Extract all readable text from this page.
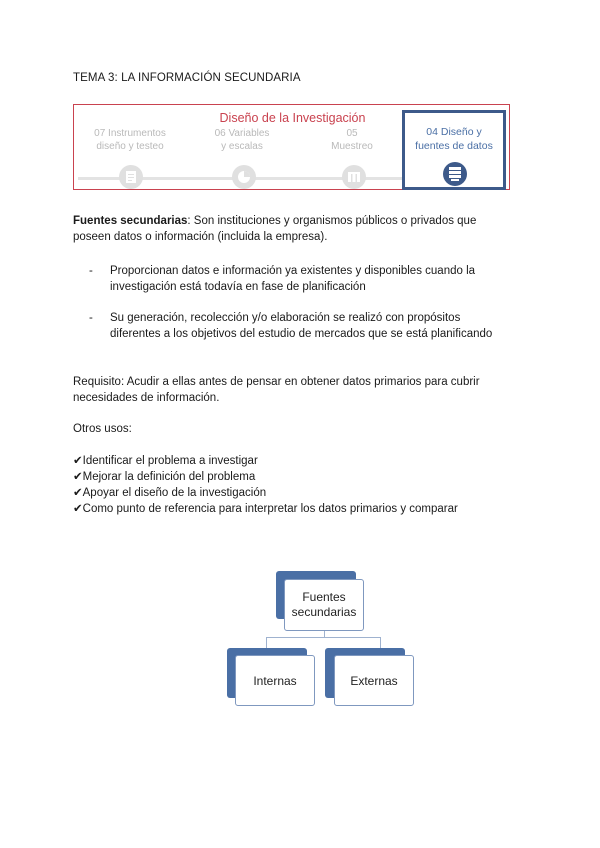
TEMA 3: LA INFORMACIÓN SECUNDARIA
Diseño de la Investigación
07 Instrumentos
diseño y testeo
06 Variables
y escalas
05
Muestreo
04 Diseño y
fuentes de datos
Fuentes secundarias: Son instituciones y organismos públicos o privados que
poseen datos o información (incluida la empresa).
- Proporcionan datos e información ya existentes y disponibles cuando la
investigación está todavía en fase de planificación
- Su generación, recolección y/o elaboración se realizó con propósitos
diferentes a los objetivos del estudio de mercados que se está planificando
Requisito: Acudir a ellas antes de pensar en obtener datos primarios para cubrir
necesidades de información.
Otros usos:
✔Identificar el problema a investigar
✔Mejorar la definición del problema
✔Apoyar el diseño de la investigación
✔Como punto de referencia para interpretar los datos primarios y comparar
Fuentes
secundarias
Internas	Externas
